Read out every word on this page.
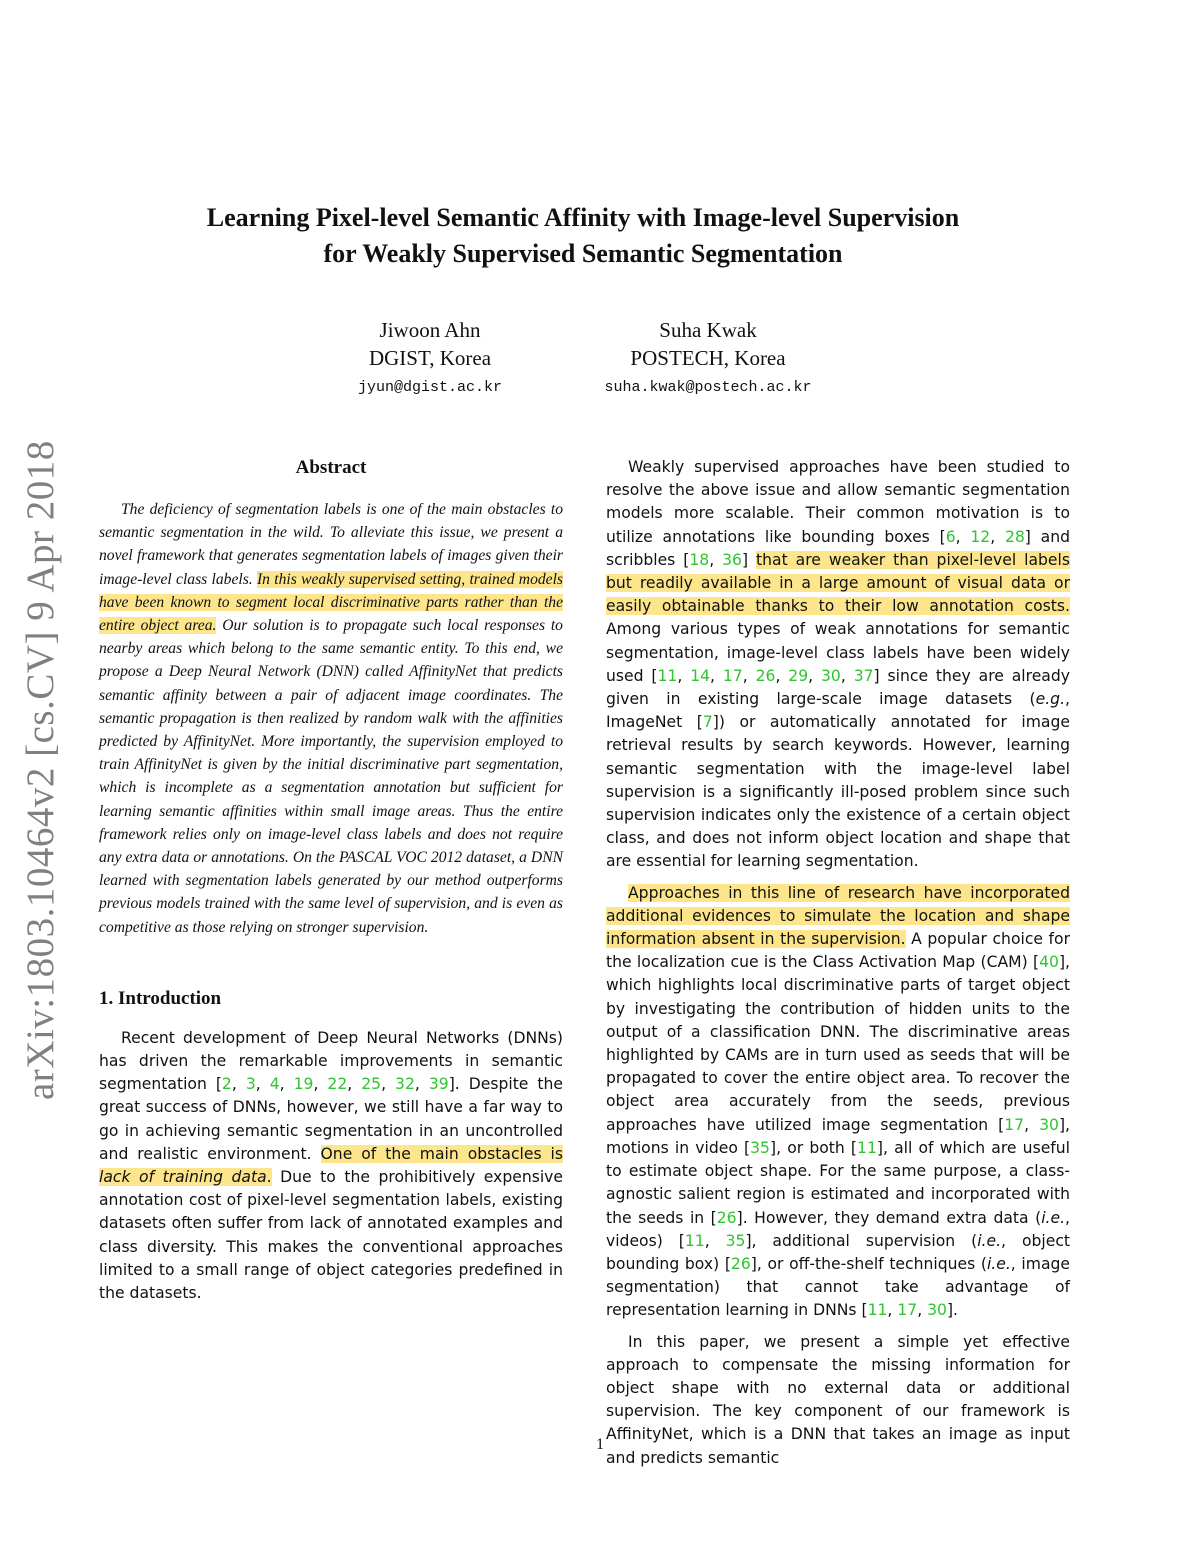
arXiv:1803.10464v2 [cs.CV] 9 Apr 2018
Learning Pixel-level Semantic Affinity with Image-level Supervision
for Weakly Supervised Semantic Segmentation
Jiwoon Ahn
DGIST, Korea
jyun@dgist.ac.kr
Suha Kwak
POSTECH, Korea
suha.kwak@postech.ac.kr
Abstract

The deficiency of segmentation labels is one of the main obstacles to semantic segmentation in the wild. To alleviate this issue, we present a novel framework that generates segmentation labels of images given their image-level class labels. In this weakly supervised setting, trained models have been known to segment local discriminative parts rather than the entire object area. Our solution is to propagate such local responses to nearby areas which belong to the same semantic entity. To this end, we propose a Deep Neural Network (DNN) called AffinityNet that predicts semantic affinity between a pair of adjacent image coordinates. The semantic propagation is then realized by random walk with the affinities predicted by AffinityNet. More importantly, the supervision employed to train AffinityNet is given by the initial discriminative part segmentation, which is incomplete as a segmentation annotation but sufficient for learning semantic affinities within small image areas. Thus the entire framework relies only on image-level class labels and does not require any extra data or annotations. On the PASCAL VOC 2012 dataset, a DNN learned with segmentation labels generated by our method outperforms previous models trained with the same level of supervision, and is even as competitive as those relying on stronger supervision.

1. Introduction

Recent development of Deep Neural Networks (DNNs) has driven the remarkable improvements in semantic segmentation [2, 3, 4, 19, 22, 25, 32, 39]. Despite the great success of DNNs, however, we still have a far way to go in achieving semantic segmentation in an uncontrolled and realistic environment. One of the main obstacles is lack of training data. Due to the prohibitively expensive annotation cost of pixel-level segmentation labels, existing datasets often suffer from lack of annotated examples and class diversity. This makes the conventional approaches limited to a small range of object categories predefined in the datasets.

Weakly supervised approaches have been studied to resolve the above issue and allow semantic segmentation models more scalable. Their common motivation is to utilize annotations like bounding boxes [6, 12, 28] and scribbles [18, 36] that are weaker than pixel-level labels but readily available in a large amount of visual data or easily obtainable thanks to their low annotation costs. Among various types of weak annotations for semantic segmentation, image-level class labels have been widely used [11, 14, 17, 26, 29, 30, 37] since they are already given in existing large-scale image datasets (e.g., ImageNet [7]) or automatically annotated for image retrieval results by search keywords. However, learning semantic segmentation with the image-level label supervision is a significantly ill-posed problem since such supervision indicates only the existence of a certain object class, and does not inform object location and shape that are essential for learning segmentation.

Approaches in this line of research have incorporated additional evidences to simulate the location and shape information absent in the supervision. A popular choice for the localization cue is the Class Activation Map (CAM) [40], which highlights local discriminative parts of target object by investigating the contribution of hidden units to the output of a classification DNN. The discriminative areas highlighted by CAMs are in turn used as seeds that will be propagated to cover the entire object area. To recover the object area accurately from the seeds, previous approaches have utilized image segmentation [17, 30], motions in video [35], or both [11], all of which are useful to estimate object shape. For the same purpose, a class-agnostic salient region is estimated and incorporated with the seeds in [26]. However, they demand extra data (i.e., videos) [11, 35], additional supervision (i.e., object bounding box) [26], or off-the-shelf techniques (i.e., image segmentation) that cannot take advantage of representation learning in DNNs [11, 17, 30].

In this paper, we present a simple yet effective approach to compensate the missing information for object shape with no external data or additional supervision. The key component of our framework is AffinityNet, which is a DNN that takes an image as input and predicts semantic

1
